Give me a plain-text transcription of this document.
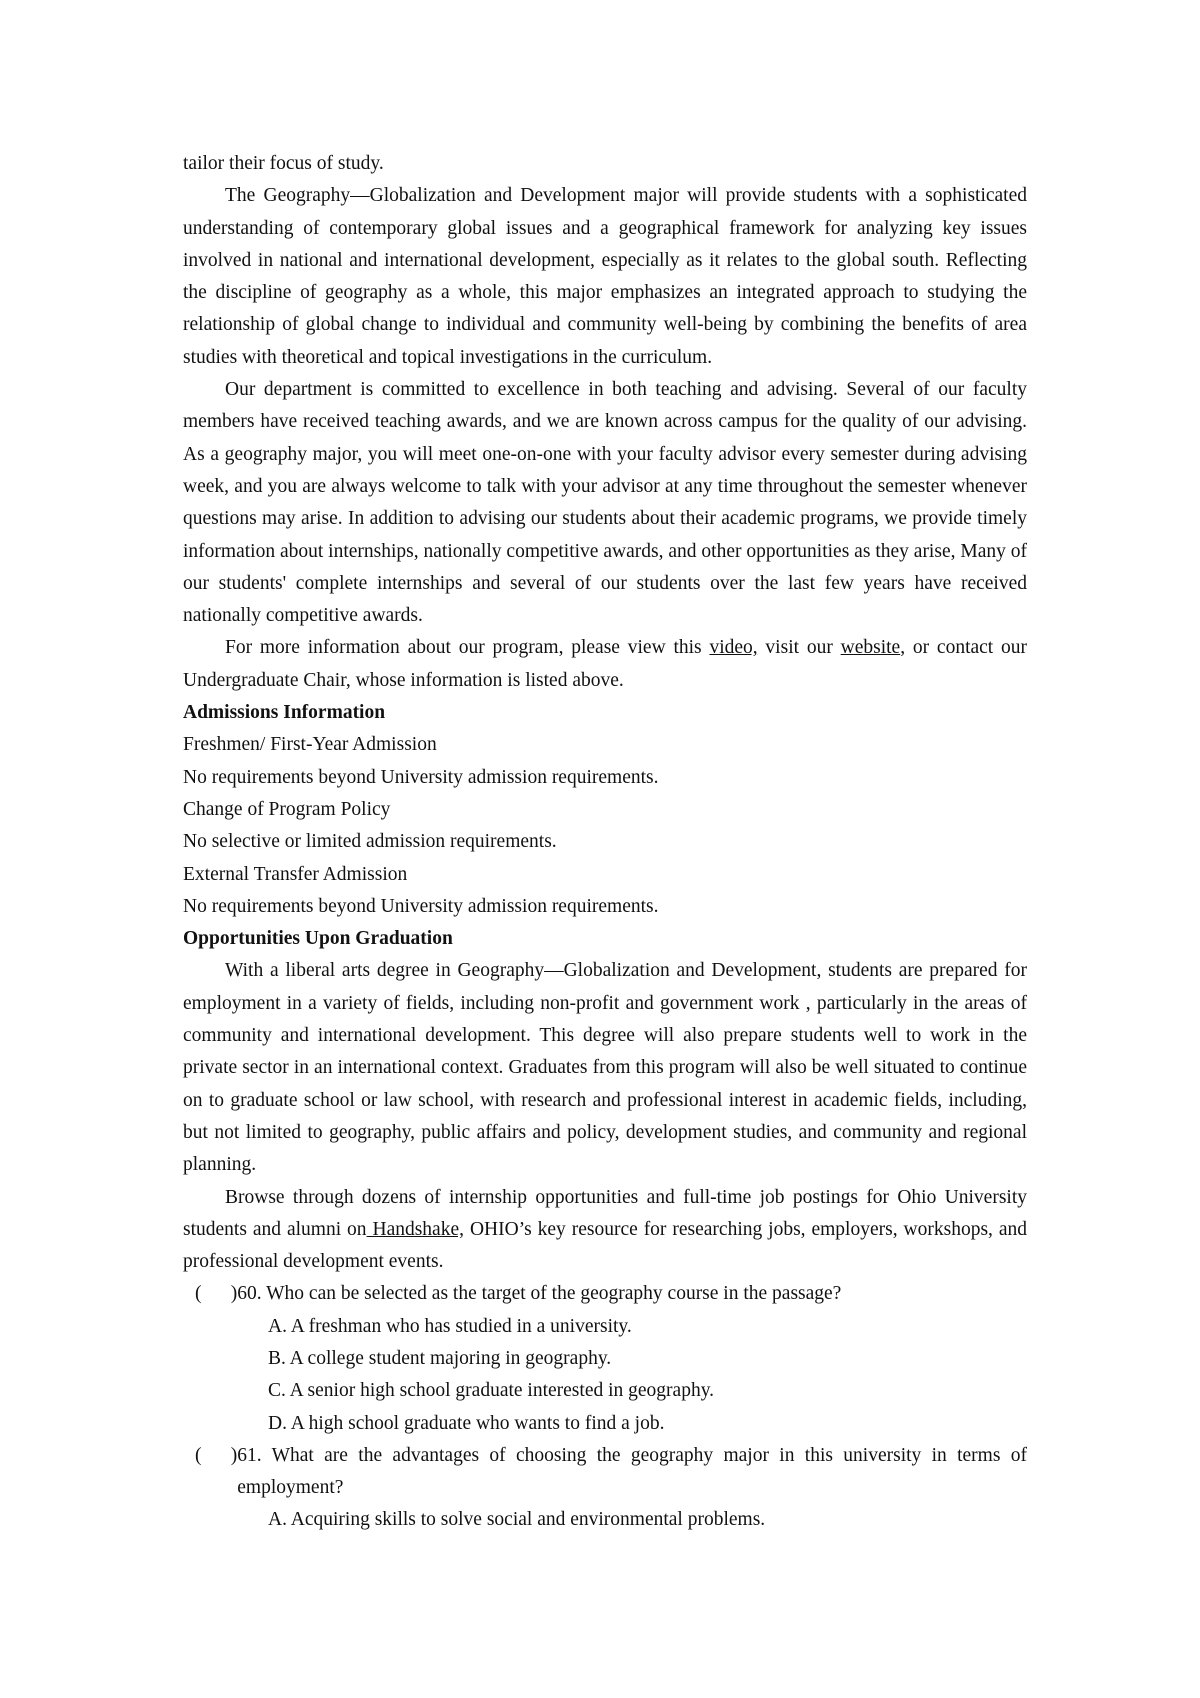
tailor their focus of study.

The Geography—Globalization and Development major will provide students with a sophisticated understanding of contemporary global issues and a geographical framework for analyzing key issues involved in national and international development, especially as it relates to the global south. Reflecting the discipline of geography as a whole, this major emphasizes an integrated approach to studying the relationship of global change to individual and community well-being by combining the benefits of area studies with theoretical and topical investigations in the curriculum.

Our department is committed to excellence in both teaching and advising. Several of our faculty members have received teaching awards, and we are known across campus for the quality of our advising. As a geography major, you will meet one-on-one with your faculty advisor every semester during advising week, and you are always welcome to talk with your advisor at any time throughout the semester whenever questions may arise. In addition to advising our students about their academic programs, we provide timely information about internships, nationally competitive awards, and other opportunities as they arise, Many of our students' complete internships and several of our students over the last few years have received nationally competitive awards.

For more information about our program, please view this video, visit our website, or contact our Undergraduate Chair, whose information is listed above.

Admissions Information
Freshmen/ First-Year Admission
No requirements beyond University admission requirements.
Change of Program Policy
No selective or limited admission requirements.
External Transfer Admission
No requirements beyond University admission requirements.
Opportunities Upon Graduation

With a liberal arts degree in Geography—Globalization and Development, students are prepared for employment in a variety of fields, including non-profit and government work , particularly in the areas of community and international development. This degree will also prepare students well to work in the private sector in an international context. Graduates from this program will also be well situated to continue on to graduate school or law school, with research and professional interest in academic fields, including, but not limited to geography, public affairs and policy, development studies, and community and regional planning.

Browse through dozens of internship opportunities and full-time job postings for Ohio University students and alumni on Handshake, OHIO’s key resource for researching jobs, employers, workshops, and professional development events.

(      ) 60. Who can be selected as the target of the geography course in the passage?
A. A freshman who has studied in a university.
B. A college student majoring in geography.
C. A senior high school graduate interested in geography.
D. A high school graduate who wants to find a job.
(      ) 61. What are the advantages of choosing the geography major in this university in terms of employment?
A. Acquiring skills to solve social and environmental problems.
